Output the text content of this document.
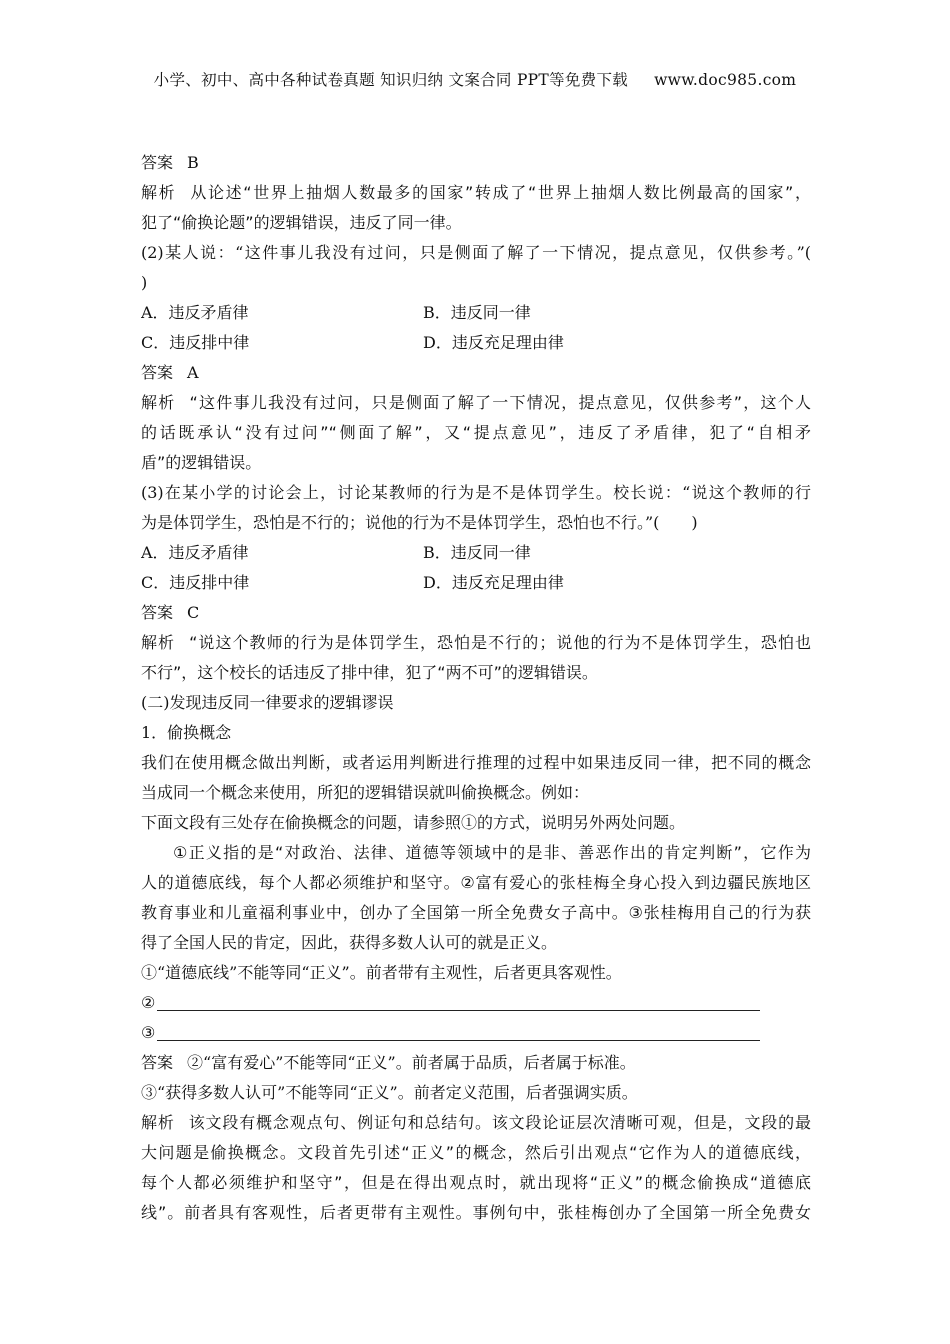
小学、初中、高中各种试卷真题 知识归纳 文案合同 PPT等免费下载 www.doc985.com
答案 B
解析 从论述“世界上抽烟人数最多的国家”转成了“世界上抽烟人数比例最高的国家”，
犯了“偷换论题”的逻辑错误，违反了同一律。
(2)某人说：“这件事儿我没有过问，只是侧面了解了一下情况，提点意见，仅供参考。”(
)
A．违反矛盾律	B．违反同一律
C．违反排中律	D．违反充足理由律
答案 A
解析 “这件事儿我没有过问，只是侧面了解了一下情况，提点意见，仅供参考”，这个人
的话既承认“没有过问”“侧面了解”，又“提点意见”，违反了矛盾律，犯了“自相矛
盾”的逻辑错误。
(3)在某小学的讨论会上，讨论某教师的行为是不是体罚学生。校长说：“说这个教师的行
为是体罚学生，恐怕是不行的；说他的行为不是体罚学生，恐怕也不行。”(　　)
A．违反矛盾律	B．违反同一律
C．违反排中律	D．违反充足理由律
答案 C
解析 “说这个教师的行为是体罚学生，恐怕是不行的；说他的行为不是体罚学生，恐怕也
不行”，这个校长的话违反了排中律，犯了“两不可”的逻辑错误。
(二)发现违反同一律要求的逻辑谬误
1．偷换概念
我们在使用概念做出判断，或者运用判断进行推理的过程中如果违反同一律，把不同的概念
当成同一个概念来使用，所犯的逻辑错误就叫偷换概念。例如：
下面文段有三处存在偷换概念的问题，请参照①的方式，说明另外两处问题。
①正义指的是“对政治、法律、道德等领域中的是非、善恶作出的肯定判断”，它作为
人的道德底线，每个人都必须维护和坚守。②富有爱心的张桂梅全身心投入到边疆民族地区
教育事业和儿童福利事业中，创办了全国第一所全免费女子高中。③张桂梅用自己的行为获
得了全国人民的肯定，因此，获得多数人认可的就是正义。
①“道德底线”不能等同“正义”。前者带有主观性，后者更具客观性。
②
③
答案 ②“富有爱心”不能等同“正义”。前者属于品质，后者属于标准。
③“获得多数人认可”不能等同“正义”。前者定义范围，后者强调实质。
解析 该文段有概念观点句、例证句和总结句。该文段论证层次清晰可观，但是，文段的最
大问题是偷换概念。文段首先引述“正义”的概念，然后引出观点“它作为人的道德底线，
每个人都必须维护和坚守”，但是在得出观点时，就出现将“正义”的概念偷换成“道德底
线”。前者具有客观性，后者更带有主观性。事例句中，张桂梅创办了全国第一所全免费女
